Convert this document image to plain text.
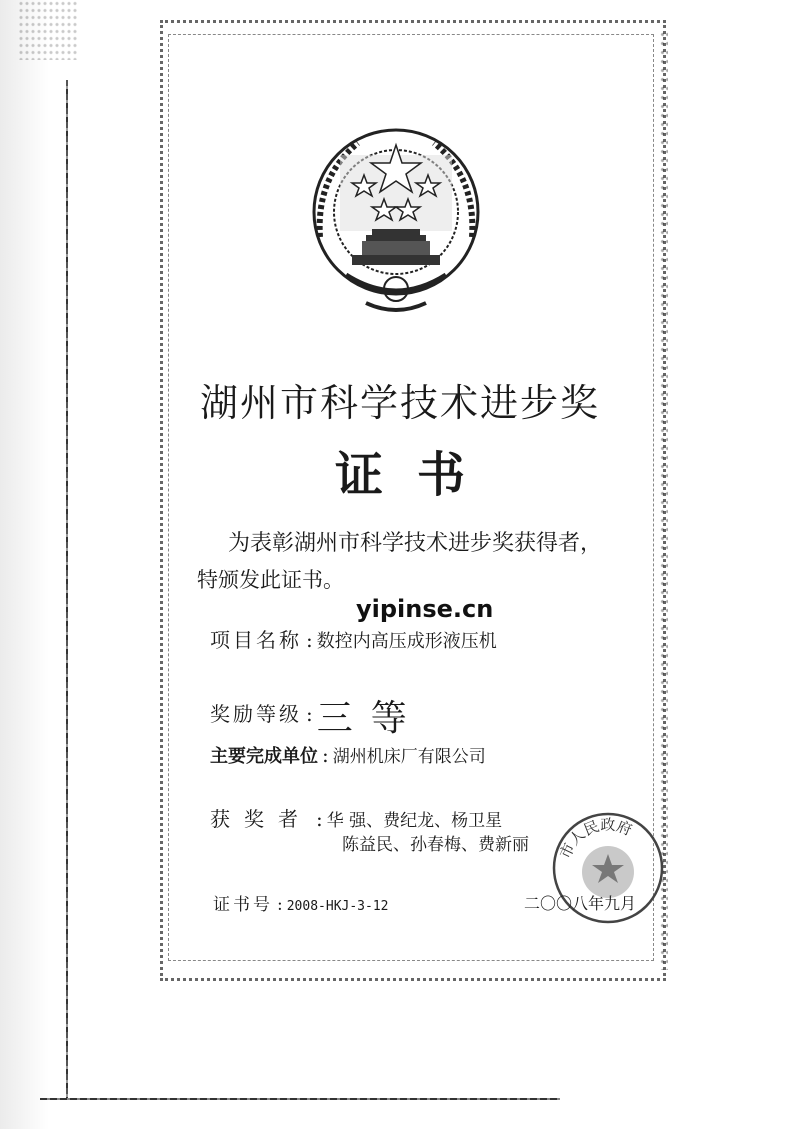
湖州市科学技术进步奖
证书
为表彰湖州市科学技术进步奖获得者，
特颁发此证书。
yipinse.cn
项目名称 : 数控内高压成形液压机
奖励等级 : 三等
主要完成单位 : 湖州机床厂有限公司
获奖者 : 华 强、费纪龙、杨卫星
陈益民、孙春梅、费新丽
证书号 : 2008-HKJ-3-12
市人民政府
二〇〇八年九月
